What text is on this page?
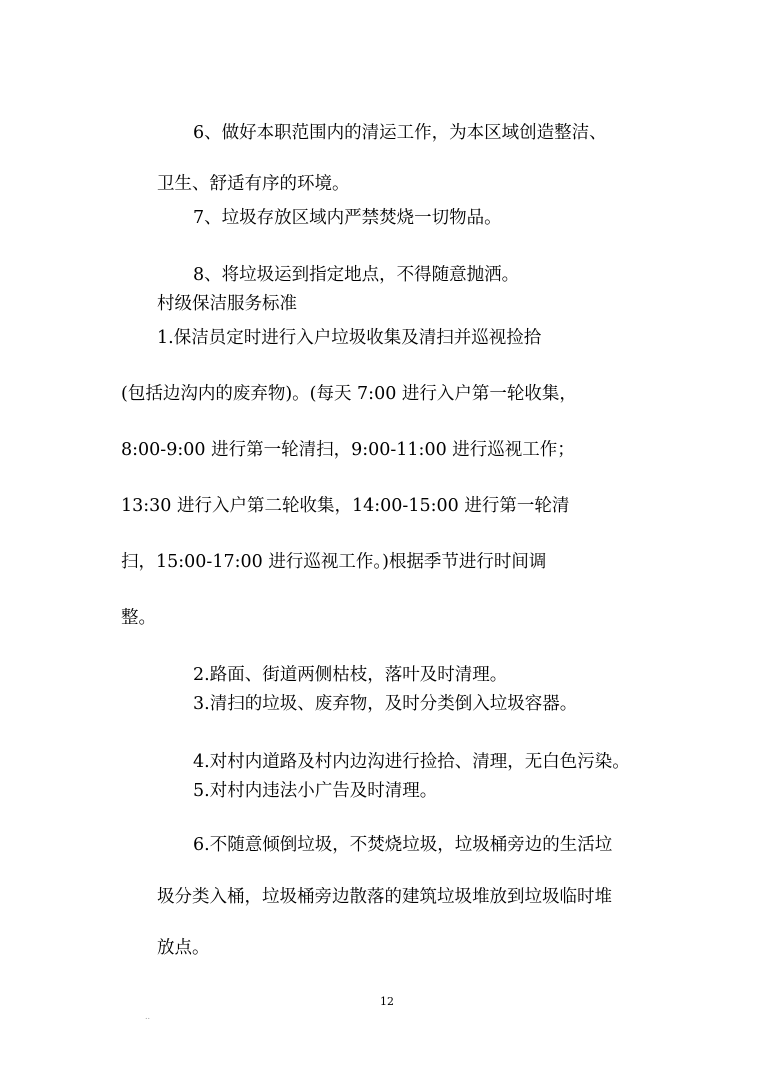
6、做好本职范围内的清运工作，为本区域创造整洁、

卫生、舒适有序的环境。

7、垃圾存放区域内严禁焚烧一切物品。

8、将垃圾运到指定地点，不得随意抛洒。

村级保洁服务标准

1.保洁员定时进行入户垃圾收集及清扫并巡视捡拾

(包括边沟内的废弃物)。(每天 7:00 进行入户第一轮收集，

8:00-9:00 进行第一轮清扫，9:00-11:00 进行巡视工作；

13:30 进行入户第二轮收集，14:00-15:00 进行第一轮清

扫，15:00-17:00 进行巡视工作。)根据季节进行时间调

整。

2.路面、街道两侧枯枝，落叶及时清理。

3.清扫的垃圾、废弃物，及时分类倒入垃圾容器。

4.对村内道路及村内边沟进行捡拾、清理，无白色污染。

5.对村内违法小广告及时清理。

6.不随意倾倒垃圾，不焚烧垃圾，垃圾桶旁边的生活垃

圾分类入桶，垃圾桶旁边散落的建筑垃圾堆放到垃圾临时堆

放点。

12
..
